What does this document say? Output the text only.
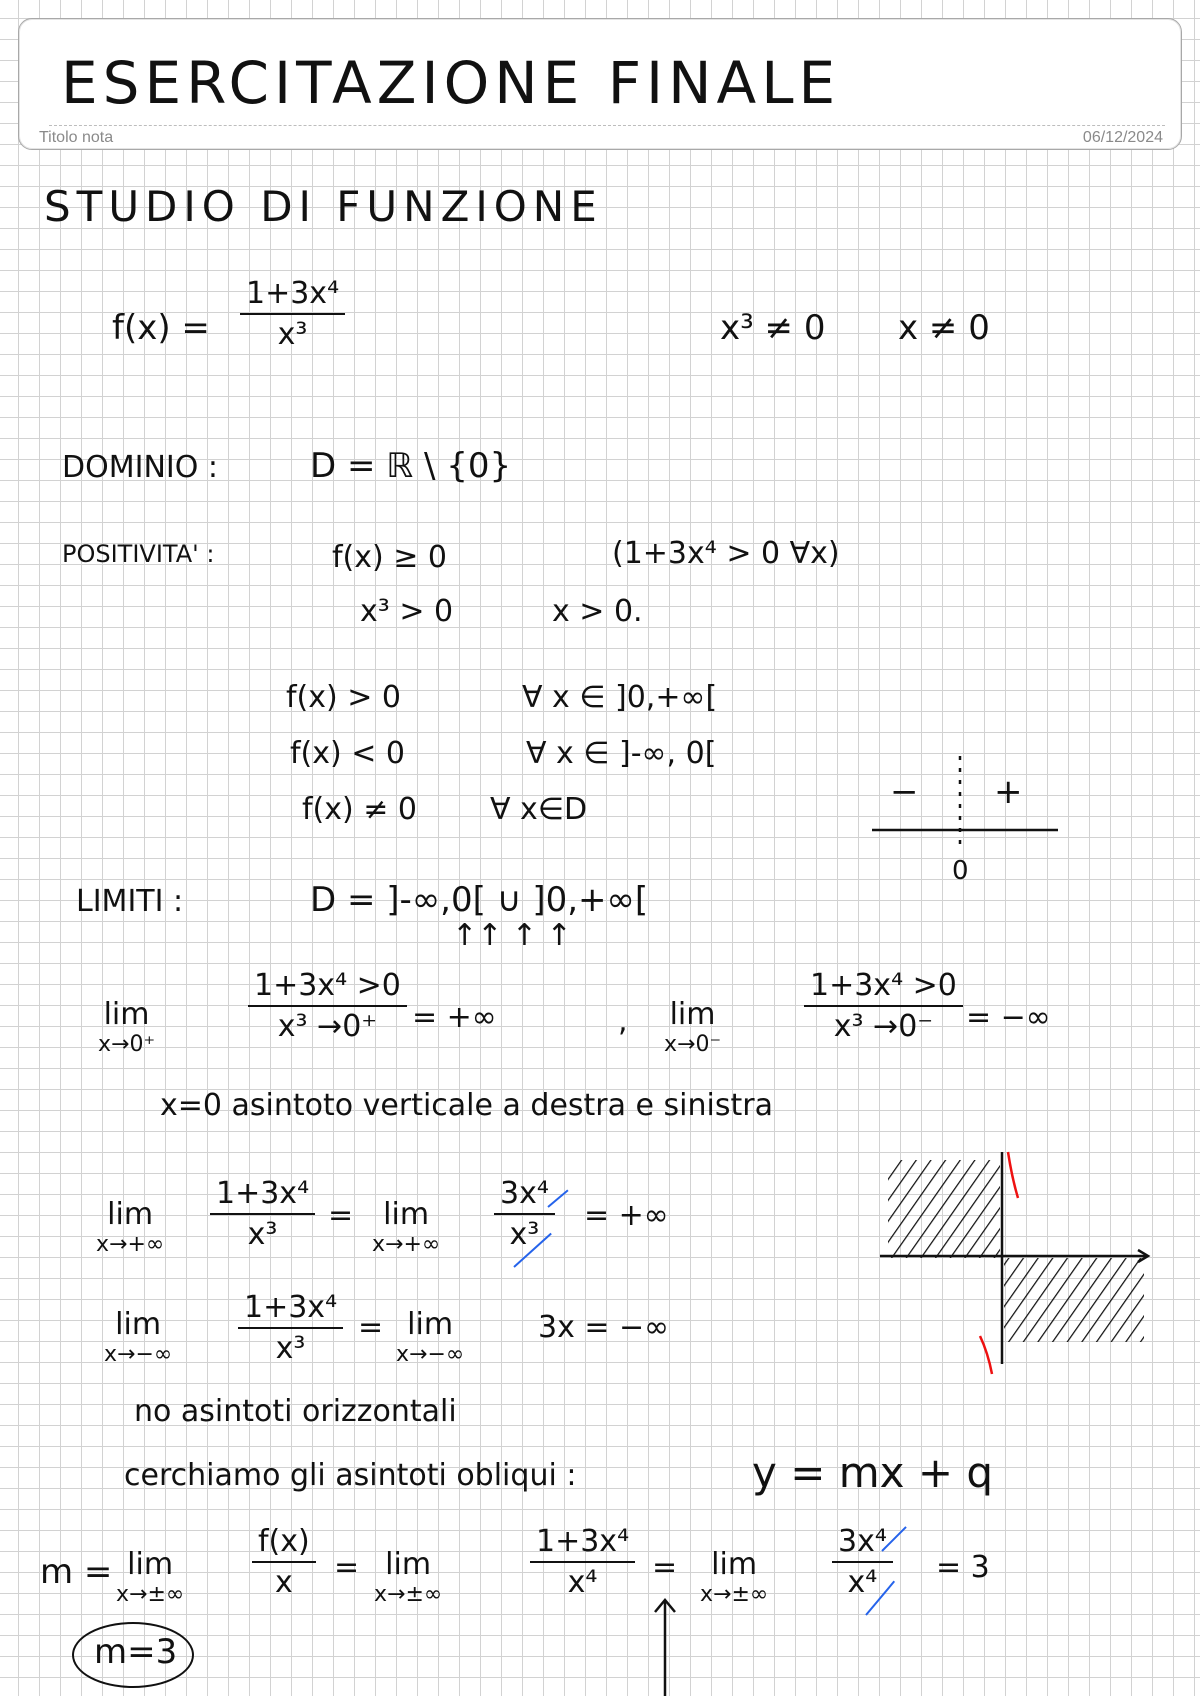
ESERCITAZIONE FINALE
Titolo nota	06/12/2024
STUDIO DI FUNZIONE
f(x) =
1+3x⁴
x³	x³ ≠ 0 x ≠ 0
DOMINIO :	D = ℝ \ {0}
POSITIVITA' :	f(x) ≥ 0	(1+3x⁴ > 0 ∀x)
x³ > 0	x > 0.
f(x) > 0	∀ x ∈ ]0,+∞[
f(x) < 0	∀ x ∈ ]-∞, 0[
f(x) ≠ 0 ∀ x∈D	− +
0
LIMITI :	D = ]-∞,0[ ∪ ]0,+∞[
↑↑ ↑ ↑
lim
x→0⁺
1+3x⁴ >0
x³ →0⁺ = +∞	, lim
x→0⁻
1+3x⁴ >0
x³ →0⁻ = −∞
x=0 asintoto verticale a destra e sinistra
lim
x→+∞
1+3x⁴
x³
= lim
x→+∞
3x⁴
x³
= +∞
lim
x→−∞
1+3x⁴
x³
= lim
x→−∞
3x = −∞
no asintoti orizzontali
cerchiamo gli asintoti obliqui :	y = mx + q
m = lim
x→±∞
f(x)
x = lim
x→±∞
1+3x⁴
x⁴ = lim
x→±∞
3x⁴
x⁴ = 3
m=3
